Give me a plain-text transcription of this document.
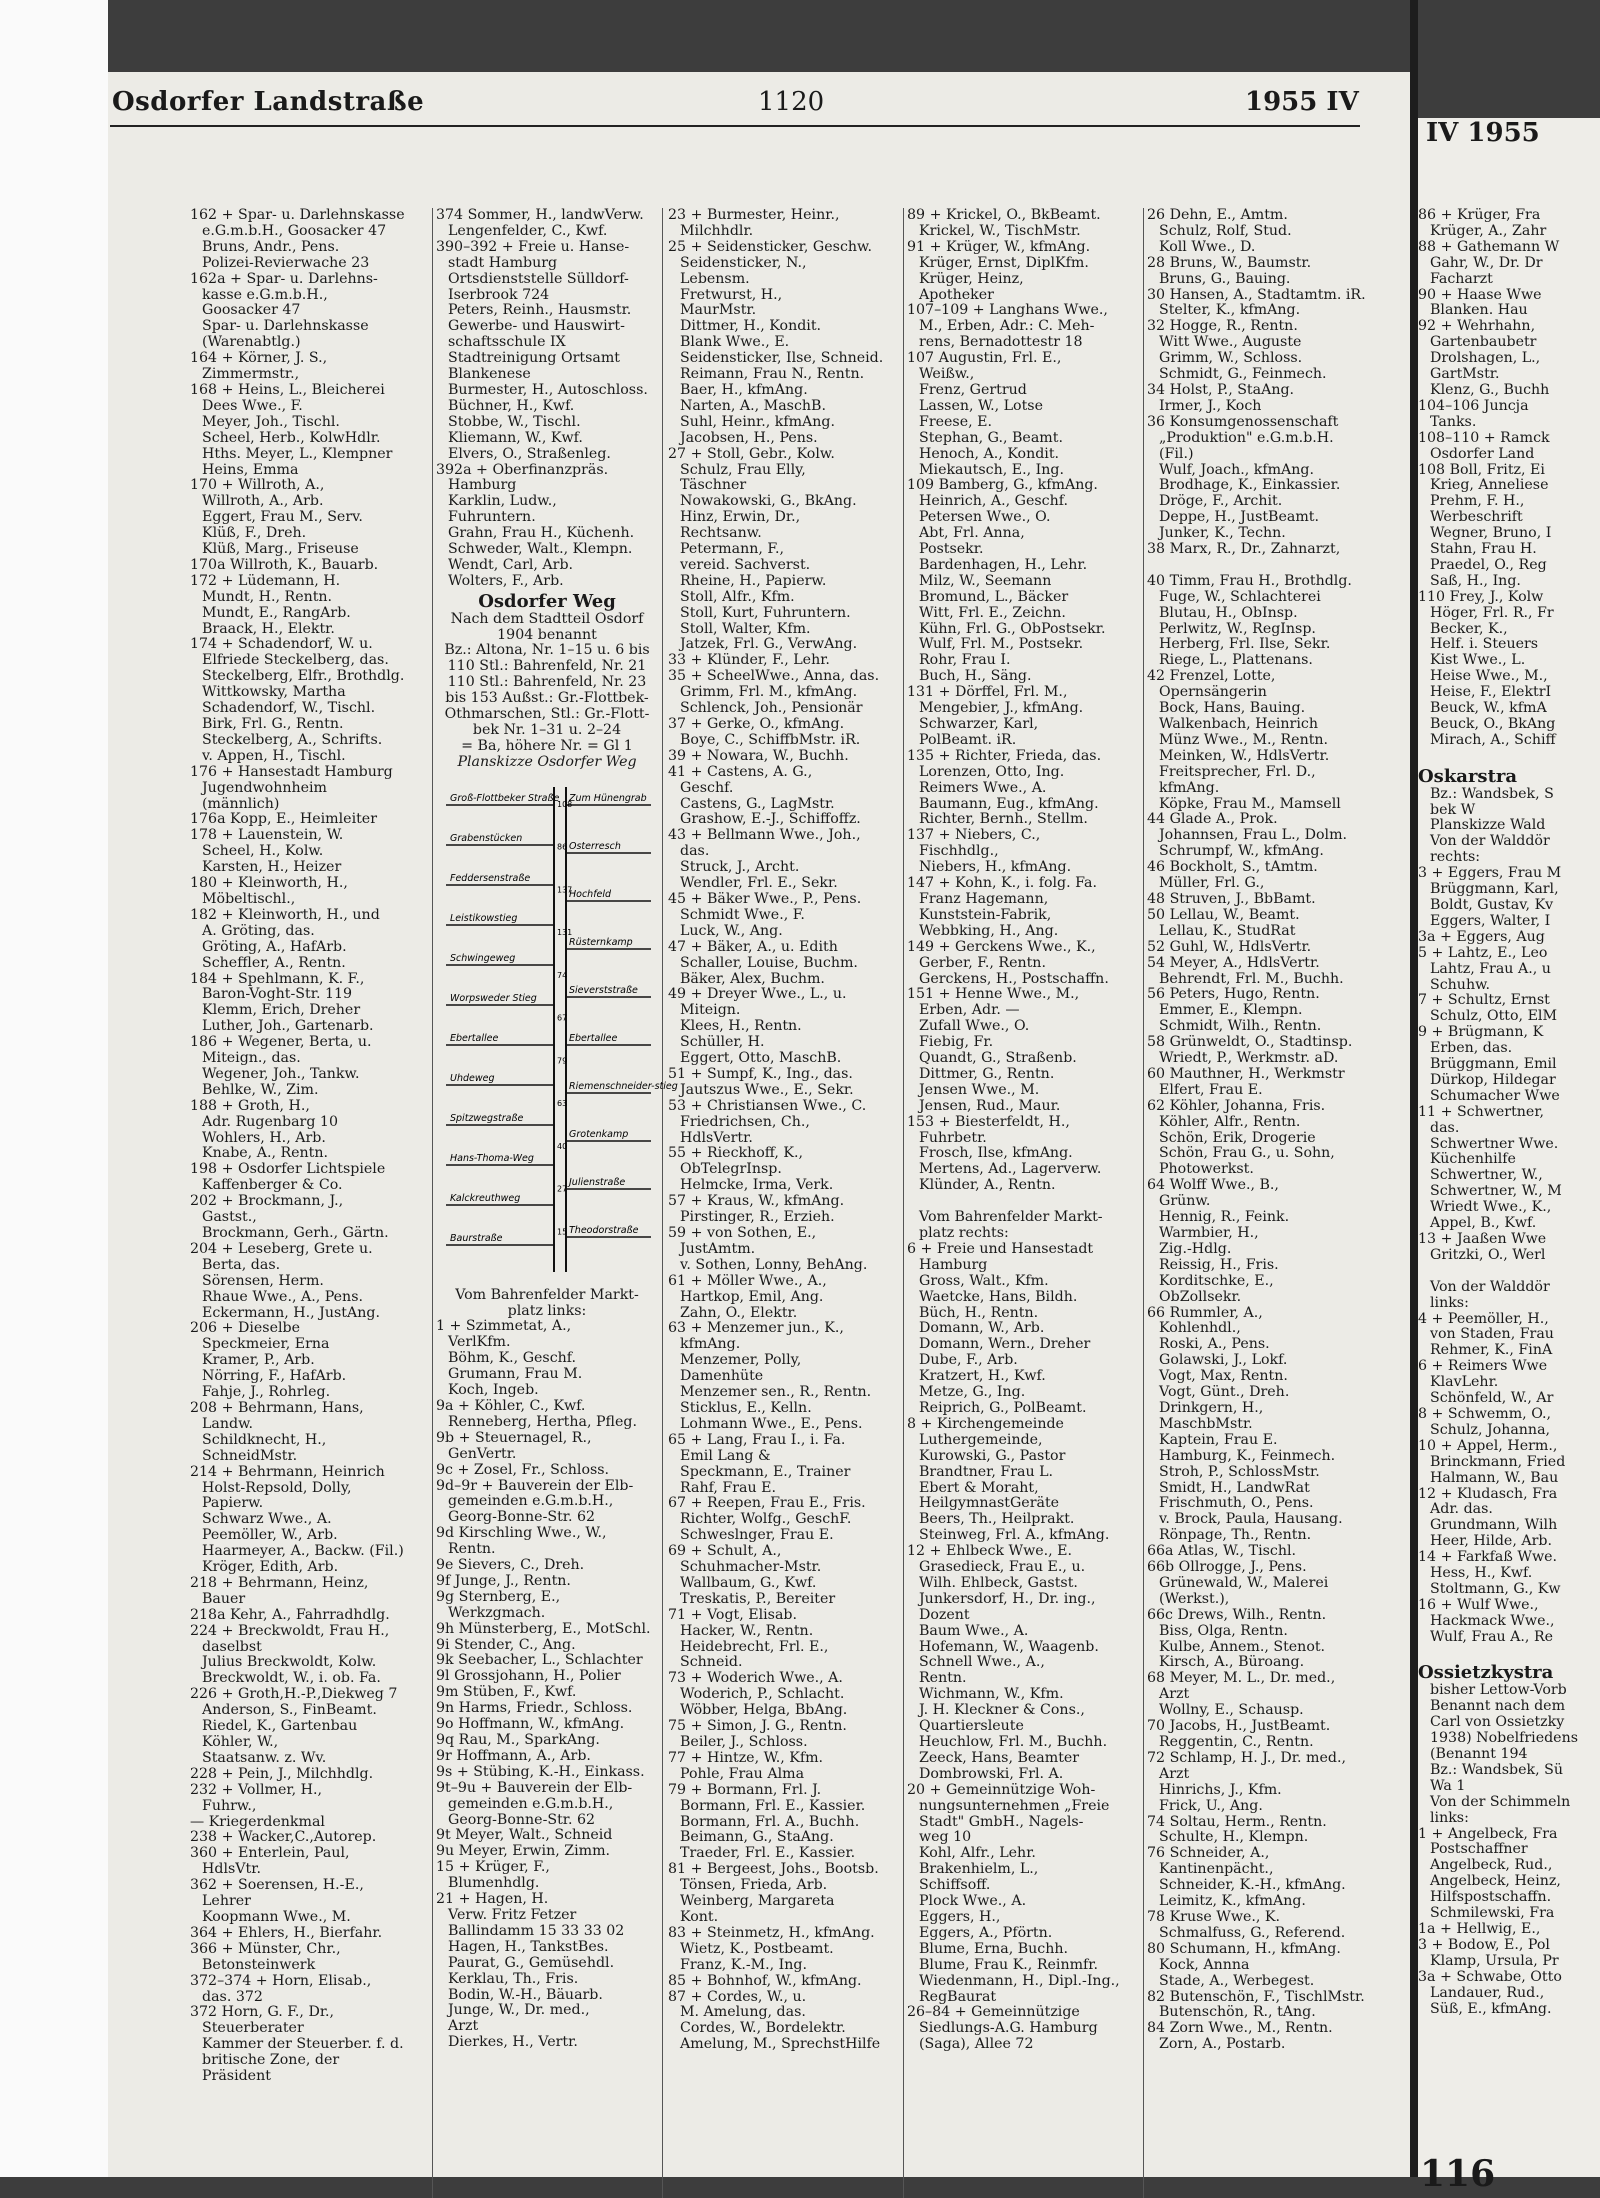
Osdorfer Landstraße	1120	1955 IV
162 + Spar- u. Darlehnskasse
e.G.m.b.H., Goosacker 47
Bruns, Andr., Pens.
Polizei-Revierwache 23
162a + Spar- u. Darlehns-
kasse e.G.m.b.H.,
Goosacker 47
Spar- u. Darlehnskasse
(Warenabtlg.)
164 + Körner, J. S.,
Zimmermstr.,
168 + Heins, L., Bleicherei
Dees Wwe., F.
Meyer, Joh., Tischl.
Scheel, Herb., KolwHdlr.
Hths. Meyer, L., Klempner
Heins, Emma
170 + Willroth, A.,
Willroth, A., Arb.
Eggert, Frau M., Serv.
Klüß, F., Dreh.
Klüß, Marg., Friseuse
170a Willroth, K., Bauarb.
172 + Lüdemann, H.
Mundt, H., Rentn.
Mundt, E., RangArb.
Braack, H., Elektr.
174 + Schadendorf, W. u.
Elfriede Steckelberg, das.
Steckelberg, Elfr., Brothdlg.
Wittkowsky, Martha
Schadendorf, W., Tischl.
Birk, Frl. G., Rentn.
Steckelberg, A., Schrifts.
v. Appen, H., Tischl.
176 + Hansestadt Hamburg
Jugendwohnheim
(männlich)
176a Kopp, E., Heimleiter
178 + Lauenstein, W.
Scheel, H., Kolw.
Karsten, H., Heizer
180 + Kleinworth, H.,
Möbeltischl.,
182 + Kleinworth, H., und
A. Gröting, das.
Gröting, A., HafArb.
Scheffler, A., Rentn.
184 + Spehlmann, K. F.,
Baron-Voght-Str. 119
Klemm, Erich, Dreher
Luther, Joh., Gartenarb.
186 + Wegener, Berta, u.
Miteign., das.
Wegener, Joh., Tankw.
Behlke, W., Zim.
188 + Groth, H.,
Adr. Rugenbarg 10
Wohlers, H., Arb.
Knabe, A., Rentn.
198 + Osdorfer Lichtspiele
Kaffenberger & Co.
202 + Brockmann, J.,
Gastst.,
Brockmann, Gerh., Gärtn.
204 + Leseberg, Grete u.
Berta, das.
Sörensen, Herm.
Rhaue Wwe., A., Pens.
Eckermann, H., JustAng.
206 + Dieselbe
Speckmeier, Erna
Kramer, P., Arb.
Nörring, F., HafArb.
Fahje, J., Rohrleg.
208 + Behrmann, Hans,
Landw.
Schildknecht, H.,
SchneidMstr.
214 + Behrmann, Heinrich
Holst-Repsold, Dolly,
Papierw.
Schwarz Wwe., A.
Peemöller, W., Arb.
Haarmeyer, A., Backw. (Fil.)
Kröger, Edith, Arb.
218 + Behrmann, Heinz,
Bauer
218a Kehr, A., Fahrradhdlg.
224 + Breckwoldt, Frau H.,
daselbst
Julius Breckwoldt, Kolw.
Breckwoldt, W., i. ob. Fa.
226 + Groth,H.-P.,Diekweg 7
Anderson, S., FinBeamt.
Riedel, K., Gartenbau
Köhler, W.,
Staatsanw. z. Wv.
228 + Pein, J., Milchhdlg.
232 + Vollmer, H.,
Fuhrw.,
— Kriegerdenkmal
238 + Wacker,C.,Autorep.
360 + Enterlein, Paul,
HdlsVtr.
362 + Soerensen, H.-E.,
Lehrer
Koopmann Wwe., M.
364 + Ehlers, H., Bierfahr.
366 + Münster, Chr.,
Betonsteinwerk
372–374 + Horn, Elisab.,
das. 372
372 Horn, G. F., Dr.,
Steuerberater
Kammer der Steuerber. f. d.
britische Zone, der
Präsident
374 Sommer, H., landwVerw.
Lengenfelder, C., Kwf.
390–392 + Freie u. Hanse-
stadt Hamburg
Ortsdienststelle Sülldorf-
Iserbrook 724
Peters, Reinh., Hausmstr.
Gewerbe- und Hauswirt-
schaftsschule IX
Stadtreinigung Ortsamt
Blankenese
Burmester, H., Autoschloss.
Büchner, H., Kwf.
Stobbe, W., Tischl.
Kliemann, W., Kwf.
Elvers, O., Straßenleg.
392a + Oberfinanzpräs.
Hamburg
Karklin, Ludw.,
Fuhruntern.
Grahn, Frau H., Küchenh.
Schweder, Walt., Klempn.
Wendt, Carl, Arb.
Wolters, F., Arb.
Osdorfer Weg
Nach dem Stadtteil Osdorf
1904 benannt
Bz.: Altona, Nr. 1–15 u. 6 bis
110 Stl.: Bahrenfeld, Nr. 21
110 Stl.: Bahrenfeld, Nr. 23
bis 153 Außst.: Gr.-Flottbek-
Othmarschen, Stl.: Gr.-Flott-
bek Nr. 1–31 u. 2–24
= Ba, höhere Nr. = Gl 1
Planskizze Osdorfer Weg
Groß-Flottbeker Straße
Grabenstücken
Feddersenstraße
Leistikowstieg
Schwingeweg
Worpsweder Stieg
Ebertallee
Uhdeweg
Spitzwegstraße
Hans-Thoma-Weg
Kalckreuthweg
Baurstraße
Zum Hünengrab
Osterresch
Hochfeld
Rüsternkamp
Sieverststraße
Ebertallee
Riemenschneider-stieg
Grotenkamp
Julienstraße
Theodorstraße
108
86
137
131
74
67
79
63
40
27
15
Vom Bahrenfelder Markt-
platz links:
1 + Szimmetat, A.,
VerlKfm.
Böhm, K., Geschf.
Grumann, Frau M.
Koch, Ingeb.
9a + Köhler, C., Kwf.
Renneberg, Hertha, Pfleg.
9b + Steuernagel, R.,
GenVertr.
9c + Zosel, Fr., Schloss.
9d–9r + Bauverein der Elb-
gemeinden e.G.m.b.H.,
Georg-Bonne-Str. 62
9d Kirschling Wwe., W.,
Rentn.
9e Sievers, C., Dreh.
9f Junge, J., Rentn.
9g Sternberg, E.,
Werkzgmach.
9h Münsterberg, E., MotSchl.
9i Stender, C., Ang.
9k Seebacher, L., Schlachter
9l Grossjohann, H., Polier
9m Stüben, F., Kwf.
9n Harms, Friedr., Schloss.
9o Hoffmann, W., kfmAng.
9q Rau, M., SparkAng.
9r Hoffmann, A., Arb.
9s + Stübing, K.-H., Einkass.
9t–9u + Bauverein der Elb-
gemeinden e.G.m.b.H.,
Georg-Bonne-Str. 62
9t Meyer, Walt., Schneid
9u Meyer, Erwin, Zimm.
15 + Krüger, F.,
Blumenhdlg.
21 + Hagen, H.
Verw. Fritz Fetzer
Ballindamm 15 33 33 02
Hagen, H., TankstBes.
Paurat, G., Gemüsehdl.
Kerklau, Th., Fris.
Bodin, W.-H., Bäuarb.
Junge, W., Dr. med.,
Arzt
Dierkes, H., Vertr.
23 + Burmester, Heinr.,
Milchhdlr.
25 + Seidensticker, Geschw.
Seidensticker, N.,
Lebensm.
Fretwurst, H.,
MaurMstr.
Dittmer, H., Kondit.
Blank Wwe., E.
Seidensticker, Ilse, Schneid.
Reimann, Frau N., Rentn.
Baer, H., kfmAng.
Narten, A., MaschB.
Suhl, Heinr., kfmAng.
Jacobsen, H., Pens.
27 + Stoll, Gebr., Kolw.
Schulz, Frau Elly,
Täschner
Nowakowski, G., BkAng.
Hinz, Erwin, Dr.,
Rechtsanw.
Petermann, F.,
vereid. Sachverst.
Rheine, H., Papierw.
Stoll, Alfr., Kfm.
Stoll, Kurt, Fuhruntern.
Stoll, Walter, Kfm.
Jatzek, Frl. G., VerwAng.
33 + Klünder, F., Lehr.
35 + ScheelWwe., Anna, das.
Grimm, Frl. M., kfmAng.
Schlenck, Joh., Pensionär
37 + Gerke, O., kfmAng.
Boye, C., SchiffbMstr. iR.
39 + Nowara, W., Buchh.
41 + Castens, A. G.,
Geschf.
Castens, G., LagMstr.
Grashow, E.-J., Schiffoffz.
43 + Bellmann Wwe., Joh.,
das.
Struck, J., Archt.
Wendler, Frl. E., Sekr.
45 + Bäker Wwe., P., Pens.
Schmidt Wwe., F.
Luck, W., Ang.
47 + Bäker, A., u. Edith
Schaller, Louise, Buchm.
Bäker, Alex, Buchm.
49 + Dreyer Wwe., L., u.
Miteign.
Klees, H., Rentn.
Schüller, H.
Eggert, Otto, MaschB.
51 + Sumpf, K., Ing., das.
Jautszus Wwe., E., Sekr.
53 + Christiansen Wwe., C.
Friedrichsen, Ch.,
HdlsVertr.
55 + Rieckhoff, K.,
ObTelegrInsp.
Helmcke, Irma, Verk.
57 + Kraus, W., kfmAng.
Pirstinger, R., Erzieh.
59 + von Sothen, E.,
JustAmtm.
v. Sothen, Lonny, BehAng.
61 + Möller Wwe., A.,
Hartkop, Emil, Ang.
Zahn, O., Elektr.
63 + Menzemer jun., K.,
kfmAng.
Menzemer, Polly,
Damenhüte
Menzemer sen., R., Rentn.
Sticklus, E., Kelln.
Lohmann Wwe., E., Pens.
65 + Lang, Frau I., i. Fa.
Emil Lang &
Speckmann, E., Trainer
Rahf, Frau E.
67 + Reepen, Frau E., Fris.
Richter, Wolfg., GeschF.
Schweslnger, Frau E.
69 + Schult, A.,
Schuhmacher-Mstr.
Wallbaum, G., Kwf.
Treskatis, P., Bereiter
71 + Vogt, Elisab.
Hacker, W., Rentn.
Heidebrecht, Frl. E.,
Schneid.
73 + Woderich Wwe., A.
Woderich, P., Schlacht.
Wöbber, Helga, BbAng.
75 + Simon, J. G., Rentn.
Beiler, J., Schloss.
77 + Hintze, W., Kfm.
Pohle, Frau Alma
79 + Bormann, Frl. J.
Bormann, Frl. E., Kassier.
Bormann, Frl. A., Buchh.
Beimann, G., StaAng.
Traeder, Frl. E., Kassier.
81 + Bergeest, Johs., Bootsb.
Tönsen, Frieda, Arb.
Weinberg, Margareta
Kont.
83 + Steinmetz, H., kfmAng.
Wietz, K., Postbeamt.
Franz, K.-M., Ing.
85 + Bohnhof, W., kfmAng.
87 + Cordes, W., u.
M. Amelung, das.
Cordes, W., Bordelektr.
Amelung, M., SprechstHilfe
89 + Krickel, O., BkBeamt.
Krickel, W., TischMstr.
91 + Krüger, W., kfmAng.
Krüger, Ernst, DiplKfm.
Krüger, Heinz,
Apotheker
107–109 + Langhans Wwe.,
M., Erben, Adr.: C. Meh-
rens, Bernadottestr 18
107 Augustin, Frl. E.,
Weißw.,
Frenz, Gertrud
Lassen, W., Lotse
Freese, E.
Stephan, G., Beamt.
Henoch, A., Kondit.
Miekautsch, E., Ing.
109 Bamberg, G., kfmAng.
Heinrich, A., Geschf.
Petersen Wwe., O.
Abt, Frl. Anna,
Postsekr.
Bardenhagen, H., Lehr.
Milz, W., Seemann
Bromund, L., Bäcker
Witt, Frl. E., Zeichn.
Kühn, Frl. G., ObPostsekr.
Wulf, Frl. M., Postsekr.
Rohr, Frau I.
Buch, H., Säng.
131 + Dörffel, Frl. M.,
Mengebier, J., kfmAng.
Schwarzer, Karl,
PolBeamt. iR.
135 + Richter, Frieda, das.
Lorenzen, Otto, Ing.
Reimers Wwe., A.
Baumann, Eug., kfmAng.
Richter, Bernh., Stellm.
137 + Niebers, C.,
Fischhdlg.,
Niebers, H., kfmAng.
147 + Kohn, K., i. folg. Fa.
Franz Hagemann,
Kunststein-Fabrik,
Webbking, H., Ang.
149 + Gerckens Wwe., K.,
Gerber, F., Rentn.
Gerckens, H., Postschaffn.
151 + Henne Wwe., M.,
Erben, Adr. —
Zufall Wwe., O.
Fiebig, Fr.
Quandt, G., Straßenb.
Dittmer, G., Rentn.
Jensen Wwe., M.
Jensen, Rud., Maur.
153 + Biesterfeldt, H.,
Fuhrbetr.
Frosch, Ilse, kfmAng.
Mertens, Ad., Lagerverw.
Klünder, A., Rentn.

Vom Bahrenfelder Markt-
platz rechts:
6 + Freie und Hansestadt
Hamburg
Gross, Walt., Kfm.
Waetcke, Hans, Bildh.
Büch, H., Rentn.
Domann, W., Arb.
Domann, Wern., Dreher
Dube, F., Arb.
Kratzert, H., Kwf.
Metze, G., Ing.
Reiprich, G., PolBeamt.
8 + Kirchengemeinde
Luthergemeinde,
Kurowski, G., Pastor
Brandtner, Frau L.
Ebert & Moraht,
HeilgymnastGeräte
Beers, Th., Heilprakt.
Steinweg, Frl. A., kfmAng.
12 + Ehlbeck Wwe., E.
Grasedieck, Frau E., u.
Wilh. Ehlbeck, Gastst.
Junkersdorf, H., Dr. ing.,
Dozent
Baum Wwe., A.
Hofemann, W., Waagenb.
Schnell Wwe., A.,
Rentn.
Wichmann, W., Kfm.
J. H. Kleckner & Cons.,
Quartiersleute
Heuchlow, Frl. M., Buchh.
Zeeck, Hans, Beamter
Dombrowski, Frl. A.
20 + Gemeinnützige Woh-
nungsunternehmen „Freie
Stadt" GmbH., Nagels-
weg 10
Kohl, Alfr., Lehr.
Brakenhielm, L.,
Schiffsoff.
Plock Wwe., A.
Eggers, H.,
Eggers, A., Pförtn.
Blume, Erna, Buchh.
Blume, Frau K., Reinmfr.
Wiedenmann, H., Dipl.-Ing.,
RegBaurat
26–84 + Gemeinnützige
Siedlungs-A.G. Hamburg
(Saga), Allee 72
26 Dehn, E., Amtm.
Schulz, Rolf, Stud.
Koll Wwe., D.
28 Bruns, W., Baumstr.
Bruns, G., Bauing.
30 Hansen, A., Stadtamtm. iR.
Stelter, K., kfmAng.
32 Hogge, R., Rentn.
Witt Wwe., Auguste
Grimm, W., Schloss.
Schmidt, G., Feinmech.
34 Holst, P., StaAng.
Irmer, J., Koch
36 Konsumgenossenschaft
„Produktion" e.G.m.b.H.
(Fil.)
Wulf, Joach., kfmAng.
Brodhage, K., Einkassier.
Dröge, F., Archit.
Deppe, H., JustBeamt.
Junker, K., Techn.
38 Marx, R., Dr., Zahnarzt,

40 Timm, Frau H., Brothdlg.
Fuge, W., Schlachterei
Blutau, H., ObInsp.
Perlwitz, W., RegInsp.
Herberg, Frl. Ilse, Sekr.
Riege, L., Plattenans.
42 Frenzel, Lotte,
Opernsängerin
Bock, Hans, Bauing.
Walkenbach, Heinrich
Münz Wwe., M., Rentn.
Meinken, W., HdlsVertr.
Freitsprecher, Frl. D.,
kfmAng.
Köpke, Frau M., Mamsell
44 Glade A., Prok.
Johannsen, Frau L., Dolm.
Schrumpf, W., kfmAng.
46 Bockholt, S., tAmtm.
Müller, Frl. G.,
48 Struven, J., BbBamt.
50 Lellau, W., Beamt.
Lellau, K., StudRat
52 Guhl, W., HdlsVertr.
54 Meyer, A., HdlsVertr.
Behrendt, Frl. M., Buchh.
56 Peters, Hugo, Rentn.
Emmer, E., Klempn.
Schmidt, Wilh., Rentn.
58 Grünweldt, O., Stadtinsp.
Wriedt, P., Werkmstr. aD.
60 Mauthner, H., Werkmstr
Elfert, Frau E.
62 Köhler, Johanna, Fris.
Köhler, Alfr., Rentn.
Schön, Erik, Drogerie
Schön, Frau G., u. Sohn,
Photowerkst.
64 Wolff Wwe., B.,
Grünw.
Hennig, R., Feink.
Warmbier, H.,
Zig.-Hdlg.
Reissig, H., Fris.
Korditschke, E.,
ObZollsekr.
66 Rummler, A.,
Kohlenhdl.,
Roski, A., Pens.
Golawski, J., Lokf.
Vogt, Max, Rentn.
Vogt, Günt., Dreh.
Drinkgern, H.,
MaschbMstr.
Kaptein, Frau E.
Hamburg, K., Feinmech.
Stroh, P., SchlossMstr.
Smidt, H., LandwRat
Frischmuth, O., Pens.
v. Brock, Paula, Hausang.
Rönpage, Th., Rentn.
66a Atlas, W., Tischl.
66b Ollrogge, J., Pens.
Grünewald, W., Malerei
(Werkst.),
66c Drews, Wilh., Rentn.
Biss, Olga, Rentn.
Kulbe, Annem., Stenot.
Kirsch, A., Büroang.
68 Meyer, M. L., Dr. med.,
Arzt
Wollny, E., Schausp.
70 Jacobs, H., JustBeamt.
Reggentin, C., Rentn.
72 Schlamp, H. J., Dr. med.,
Arzt
Hinrichs, J., Kfm.
Frick, U., Ang.
74 Soltau, Herm., Rentn.
Schulte, H., Klempn.
76 Schneider, A.,
Kantinenpächt.,
Schneider, K.-H., kfmAng.
Leimitz, K., kfmAng.
78 Kruse Wwe., K.
Schmalfuss, G., Referend.
80 Schumann, H., kfmAng.
Kock, Annna
Stade, A., Werbegest.
82 Butenschön, F., TischlMstr.
Butenschön, R., tAng.
84 Zorn Wwe., M., Rentn.
Zorn, A., Postarb.
IV 1955
86 + Krüger, Fra
Krüger, A., Zahr
88 + Gathemann W
Gahr, W., Dr. Dr
Facharzt
90 + Haase Wwe
Blanken. Hau
92 + Wehrhahn,
Gartenbaubetr
Drolshagen, L.,
GartMstr.
Klenz, G., Buchh
104–106 Juncja
Tanks.
108–110 + Ramck
Osdorfer Land
108 Boll, Fritz, Ei
Krieg, Anneliese
Prehm, F. H.,
Werbeschrift
Wegner, Bruno, I
Stahn, Frau H.
Praedel, O., Reg
Saß, H., Ing.
110 Frey, J., Kolw
Höger, Frl. R., Fr
Becker, K.,
Helf. i. Steuers
Kist Wwe., L.
Heise Wwe., M.,
Heise, F., ElektrI
Beuck, W., kfmA
Beuck, O., BkAng
Mirach, A., Schiff

Oskarstra
Bz.: Wandsbek, S
bek W
Planskizze Wald
Von der Walddör
rechts:
3 + Eggers, Frau M
Brüggmann, Karl,
Boldt, Gustav, Kv
Eggers, Walter, I
3a + Eggers, Aug
5 + Lahtz, E., Leo
Lahtz, Frau A., u
Schuhw.
7 + Schultz, Ernst
Schulz, Otto, ElM
9 + Brügmann, K
Erben, das.
Brüggmann, Emil
Dürkop, Hildegar
Schumacher Wwe
11 + Schwertner,
das.
Schwertner Wwe.
Küchenhilfe
Schwertner, W.,
Schwertner, W., M
Wriedt Wwe., K.,
Appel, B., Kwf.
13 + Jaaßen Wwe
Gritzki, O., Werl

Von der Walddör
links:
4 + Peemöller, H.,
von Staden, Frau
Rehmer, K., FinA
6 + Reimers Wwe
KlavLehr.
Schönfeld, W., Ar
8 + Schwemm, O.,
Schulz, Johanna,
10 + Appel, Herm.,
Brinckmann, Fried
Halmann, W., Bau
12 + Kludasch, Fra
Adr. das.
Grundmann, Wilh
Heer, Hilde, Arb.
14 + Farkfaß Wwe.
Hess, H., Kwf.
Stoltmann, G., Kw
16 + Wulf Wwe.,
Hackmack Wwe.,
Wulf, Frau A., Re

Ossietzkystra
bisher Lettow-Vorb
Benannt nach dem
Carl von Ossietzky
1938) Nobelfriedens
(Benannt 194
Bz.: Wandsbek, Sü
Wa 1
Von der Schimmeln
links:
1 + Angelbeck, Fra
Postschaffner
Angelbeck, Rud.,
Angelbeck, Heinz,
Hilfspostschaffn.
Schmilewski, Fra
1a + Hellwig, E.,
3 + Bodow, E., Pol
Klamp, Ursula, Pr
3a + Schwabe, Otto
Landauer, Rud.,
Süß, E., kfmAng.
116
